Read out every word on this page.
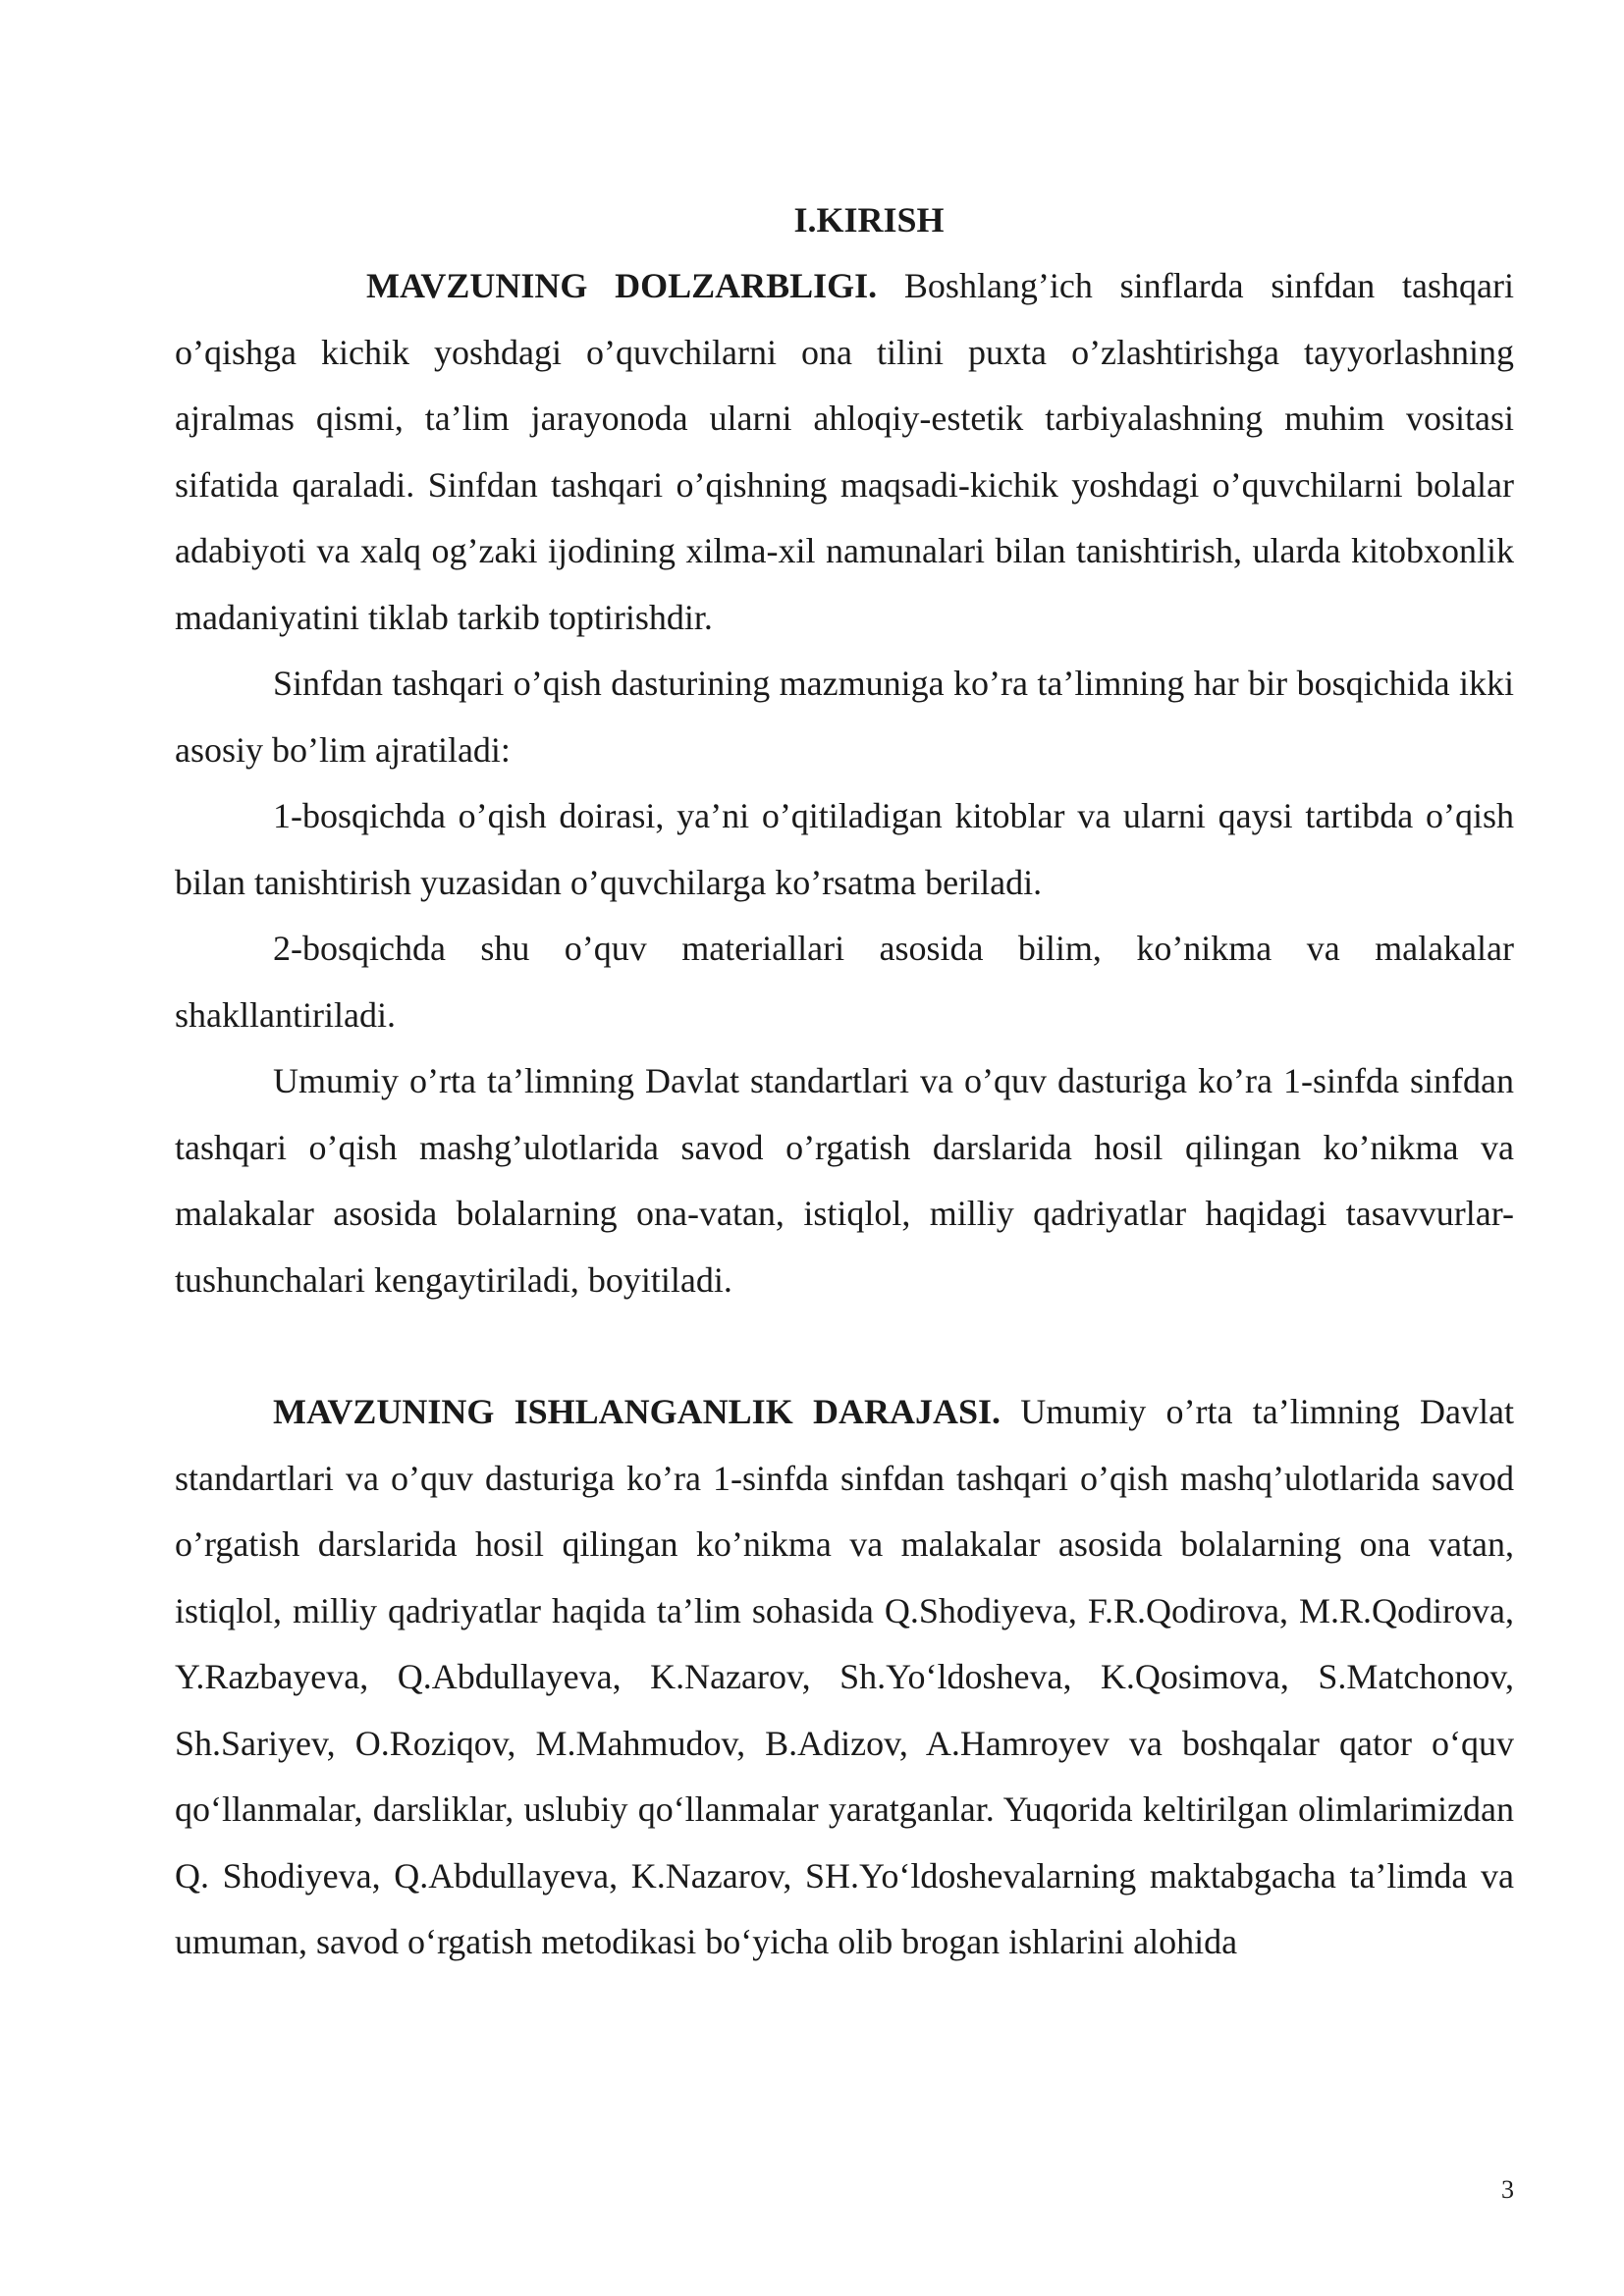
I.KIRISH

MAVZUNING DOLZARBLIGI. Boshlang’ich sinflarda sinfdan tashqari o’qishga kichik yoshdagi o’quvchilarni ona tilini puxta o’zlashtirishga tayyorlashning ajralmas qismi, ta’lim jarayonoda ularni ahloqiy-estetik tarbiyalashning muhim vositasi sifatida qaraladi. Sinfdan tashqari o’qishning maqsadi-kichik yoshdagi o’quvchilarni bolalar adabiyoti va xalq og’zaki ijodining xilma-xil namunalari bilan tanishtirish, ularda kitobxonlik madaniyatini tiklab tarkib toptirishdir.

Sinfdan tashqari o’qish dasturining mazmuniga ko’ra ta’limning har bir bosqichida ikki asosiy bo’lim ajratiladi:

1-bosqichda o’qish doirasi, ya’ni o’qitiladigan kitoblar va ularni qaysi tartibda o’qish bilan tanishtirish yuzasidan o’quvchilarga ko’rsatma beriladi.

2-bosqichda shu o’quv materiallari asosida bilim, ko’nikma va malakalar shakllantiriladi.

Umumiy o’rta ta’limning Davlat standartlari va o’quv dasturiga ko’ra 1-sinfda sinfdan tashqari o’qish mashg’ulotlarida savod o’rgatish darslarida hosil qilingan ko’nikma va malakalar asosida bolalarning ona-vatan, istiqlol, milliy qadriyatlar haqidagi tasavvurlar-tushunchalari kengaytiriladi, boyitiladi.

MAVZUNING ISHLANGANLIK DARAJASI. Umumiy o’rta ta’limning Davlat standartlari va o’quv dasturiga ko’ra 1-sinfda sinfdan tashqari o’qish mashq’ulotlarida savod o’rgatish darslarida hosil qilingan ko’nikma va malakalar asosida bolalarning ona vatan, istiqlol, milliy qadriyatlar haqida ta’lim sohasida Q.Shodiyeva, F.R.Qodirova, M.R.Qodirova, Y.Razbayeva, Q.Abdullayeva, K.Nazarov, Sh.Yo‘ldosheva, K.Qosimova, S.Matchonov, Sh.Sariyev, O.Roziqov, M.Mahmudov, B.Adizov, A.Hamroyev va boshqalar qator o‘quv qo‘llanmalar, darsliklar, uslubiy qo‘llanmalar yaratganlar. Yuqorida keltirilgan olimlarimizdan Q. Shodiyeva, Q.Abdullayeva, K.Nazarov, SH.Yo‘ldoshevalarning maktabgacha ta’limda va umuman, savod o‘rgatish metodikasi bo‘yicha olib brogan ishlarini alohida

3
